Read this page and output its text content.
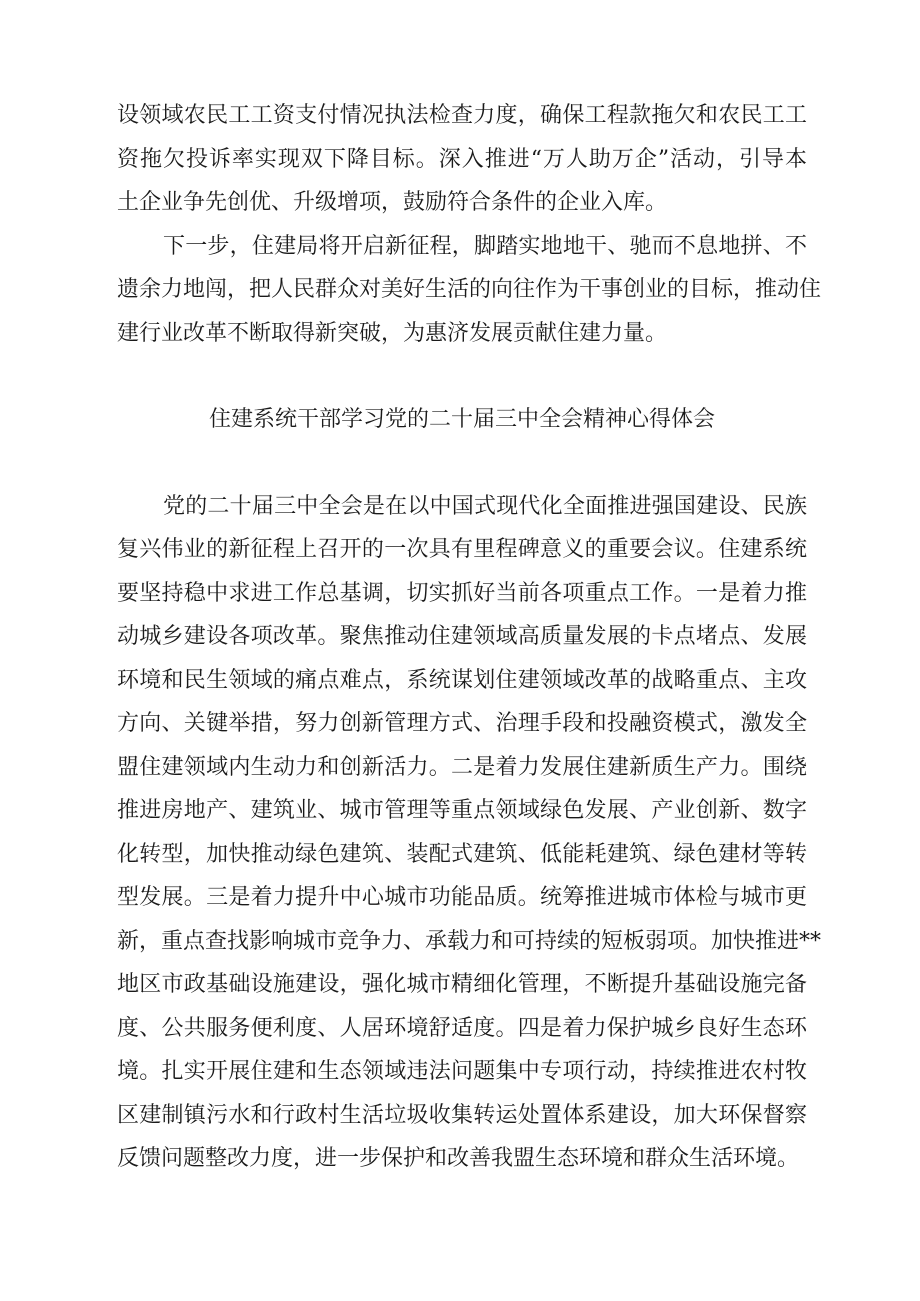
设领域农民工工资支付情况执法检查力度，确保工程款拖欠和农民工工
资拖欠投诉率实现双下降目标。深入推进“万人助万企”活动，引导本
土企业争先创优、升级增项，鼓励符合条件的企业入库。
下一步，住建局将开启新征程，脚踏实地地干、驰而不息地拼、不
遗余力地闯，把人民群众对美好生活的向往作为干事创业的目标，推动住
建行业改革不断取得新突破，为惠济发展贡献住建力量。
住建系统干部学习党的二十届三中全会精神心得体会
党的二十届三中全会是在以中国式现代化全面推进强国建设、民族
复兴伟业的新征程上召开的一次具有里程碑意义的重要会议。住建系统
要坚持稳中求进工作总基调，切实抓好当前各项重点工作。一是着力推
动城乡建设各项改革。聚焦推动住建领域高质量发展的卡点堵点、发展
环境和民生领域的痛点难点，系统谋划住建领域改革的战略重点、主攻
方向、关键举措，努力创新管理方式、治理手段和投融资模式，激发全
盟住建领域内生动力和创新活力。二是着力发展住建新质生产力。围绕
推进房地产、建筑业、城市管理等重点领域绿色发展、产业创新、数字
化转型，加快推动绿色建筑、装配式建筑、低能耗建筑、绿色建材等转
型发展。三是着力提升中心城市功能品质。统筹推进城市体检与城市更
新，重点查找影响城市竞争力、承载力和可持续的短板弱项。加快推进**
地区市政基础设施建设，强化城市精细化管理，不断提升基础设施完备
度、公共服务便利度、人居环境舒适度。四是着力保护城乡良好生态环
境。扎实开展住建和生态领域违法问题集中专项行动，持续推进农村牧
区建制镇污水和行政村生活垃圾收集转运处置体系建设，加大环保督察
反馈问题整改力度，进一步保护和改善我盟生态环境和群众生活环境。
